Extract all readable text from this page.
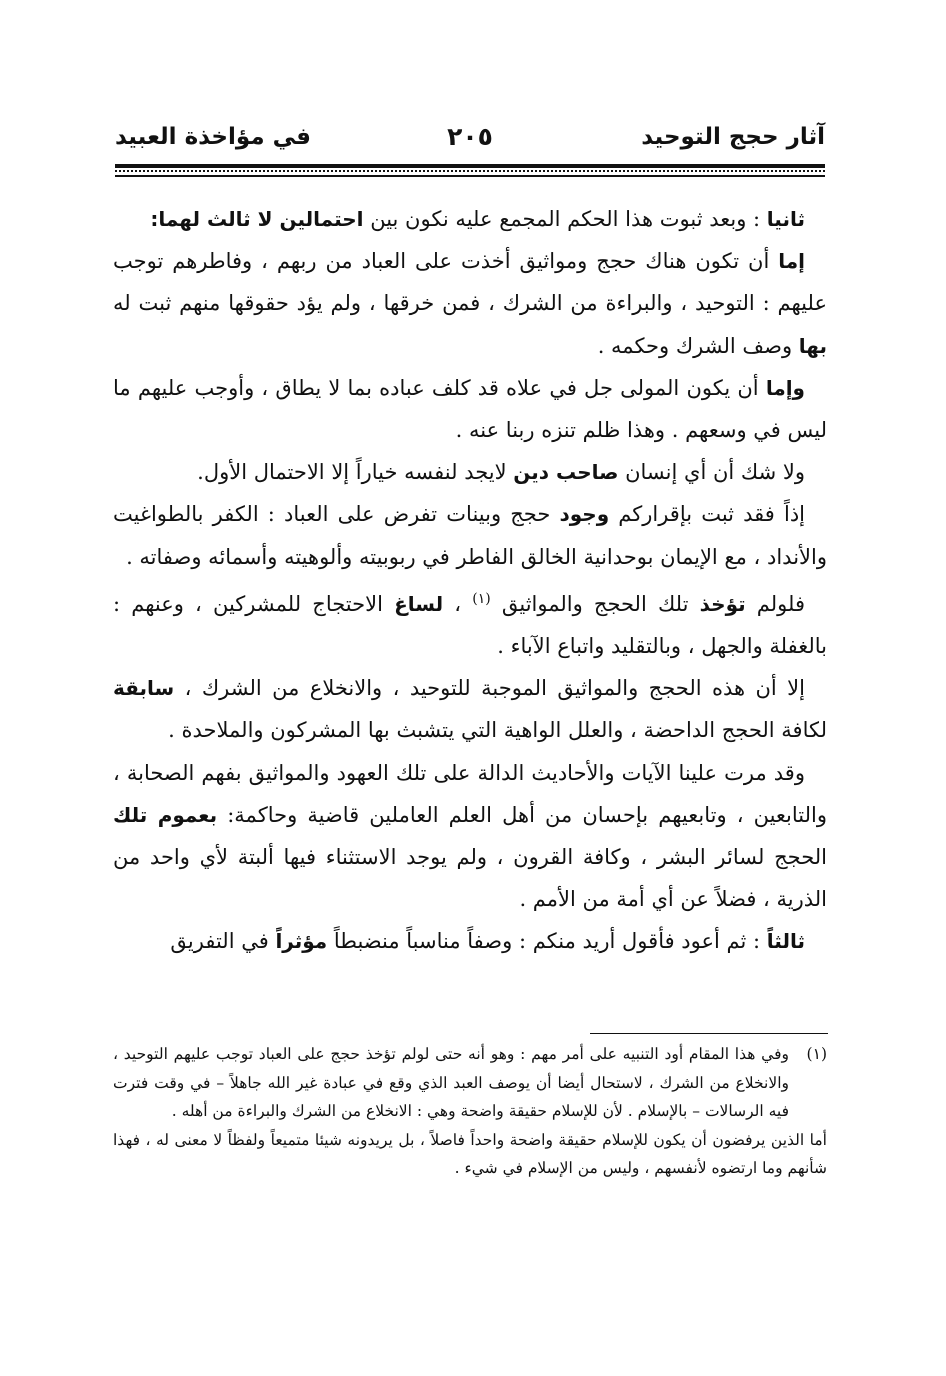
آثار حجج التوحيد
٢٠٥
في مؤاخذة العبيد

ثانيا : وبعد ثبوت هذا الحكم المجمع عليه نكون بين احتمالين لا ثالث لهما:

إما أن تكون هناك حجج ومواثيق أخذت على العباد من ربهم ، وفاطرهم توجب عليهم : التوحيد ، والبراءة من الشرك ، فمن خرقها ، ولم يؤد حقوقها منهم ثبت له بها وصف الشرك وحكمه .

وإما أن يكون المولى جل في علاه قد كلف عباده بما لا يطاق ، وأوجب عليهم ما ليس في وسعهم . وهذا ظلم تنزه ربنا عنه .

ولا شك أن أي إنسان صاحب دين لايجد لنفسه خياراً إلا الاحتمال الأول.

إذاً فقد ثبت بإقراركم وجود حجج وبينات تفرض على العباد : الكفر بالطواغيت والأنداد ، مع الإيمان بوحدانية الخالق الفاطر في ربوبيته وألوهيته وأسمائه وصفاته .

فلولم تؤخذ تلك الحجج والمواثيق $^{(١)}$ ، لساغ الاحتجاج للمشركين ، وعنهم : بالغفلة والجهل ، وبالتقليد واتباع الآباء .

إلا أن هذه الحجج والمواثيق الموجبة للتوحيد ، والانخلاع من الشرك ، سابقة لكافة الحجج الداحضة ، والعلل الواهية التي يتشبث بها المشركون والملاحدة .

وقد مرت علينا الآيات والأحاديث الدالة على تلك العهود والمواثيق بفهم الصحابة ، والتابعين ، وتابعيهم بإحسان من أهل العلم العاملين قاضية وحاكمة: بعموم تلك الحجج لسائر البشر ، وكافة القرون ، ولم يوجد الاستثناء فيها ألبتة لأي واحد من الذرية ، فضلاً عن أي أمة من الأمم .

ثالثاً : ثم أعود فأقول أريد منكم : وصفاً مناسباً منضبطاً مؤثراً في التفريق

(١)وفي هذا المقام أود التنبيه على أمر مهم : وهو أنه حتى لولم تؤخذ حجج على العباد توجب عليهم التوحيد ، والانخلاع من الشرك ، لاستحال أيضا أن يوصف العبد الذي وقع في عبادة غير الله جاهلاً – في وقت فترت فيه الرسالات – بالإسلام . لأن للإسلام حقيقة واضحة وهي : الانخلاع من الشرك والبراءة من أهله .

أما الذين يرفضون أن يكون للإسلام حقيقة واضحة واحداً فاصلاً ، بل يريدونه شيئا متميعاً ولفظاً لا معنى له ، فهذا شأنهم وما ارتضوه لأنفسهم ، وليس من الإسلام في شيء .
